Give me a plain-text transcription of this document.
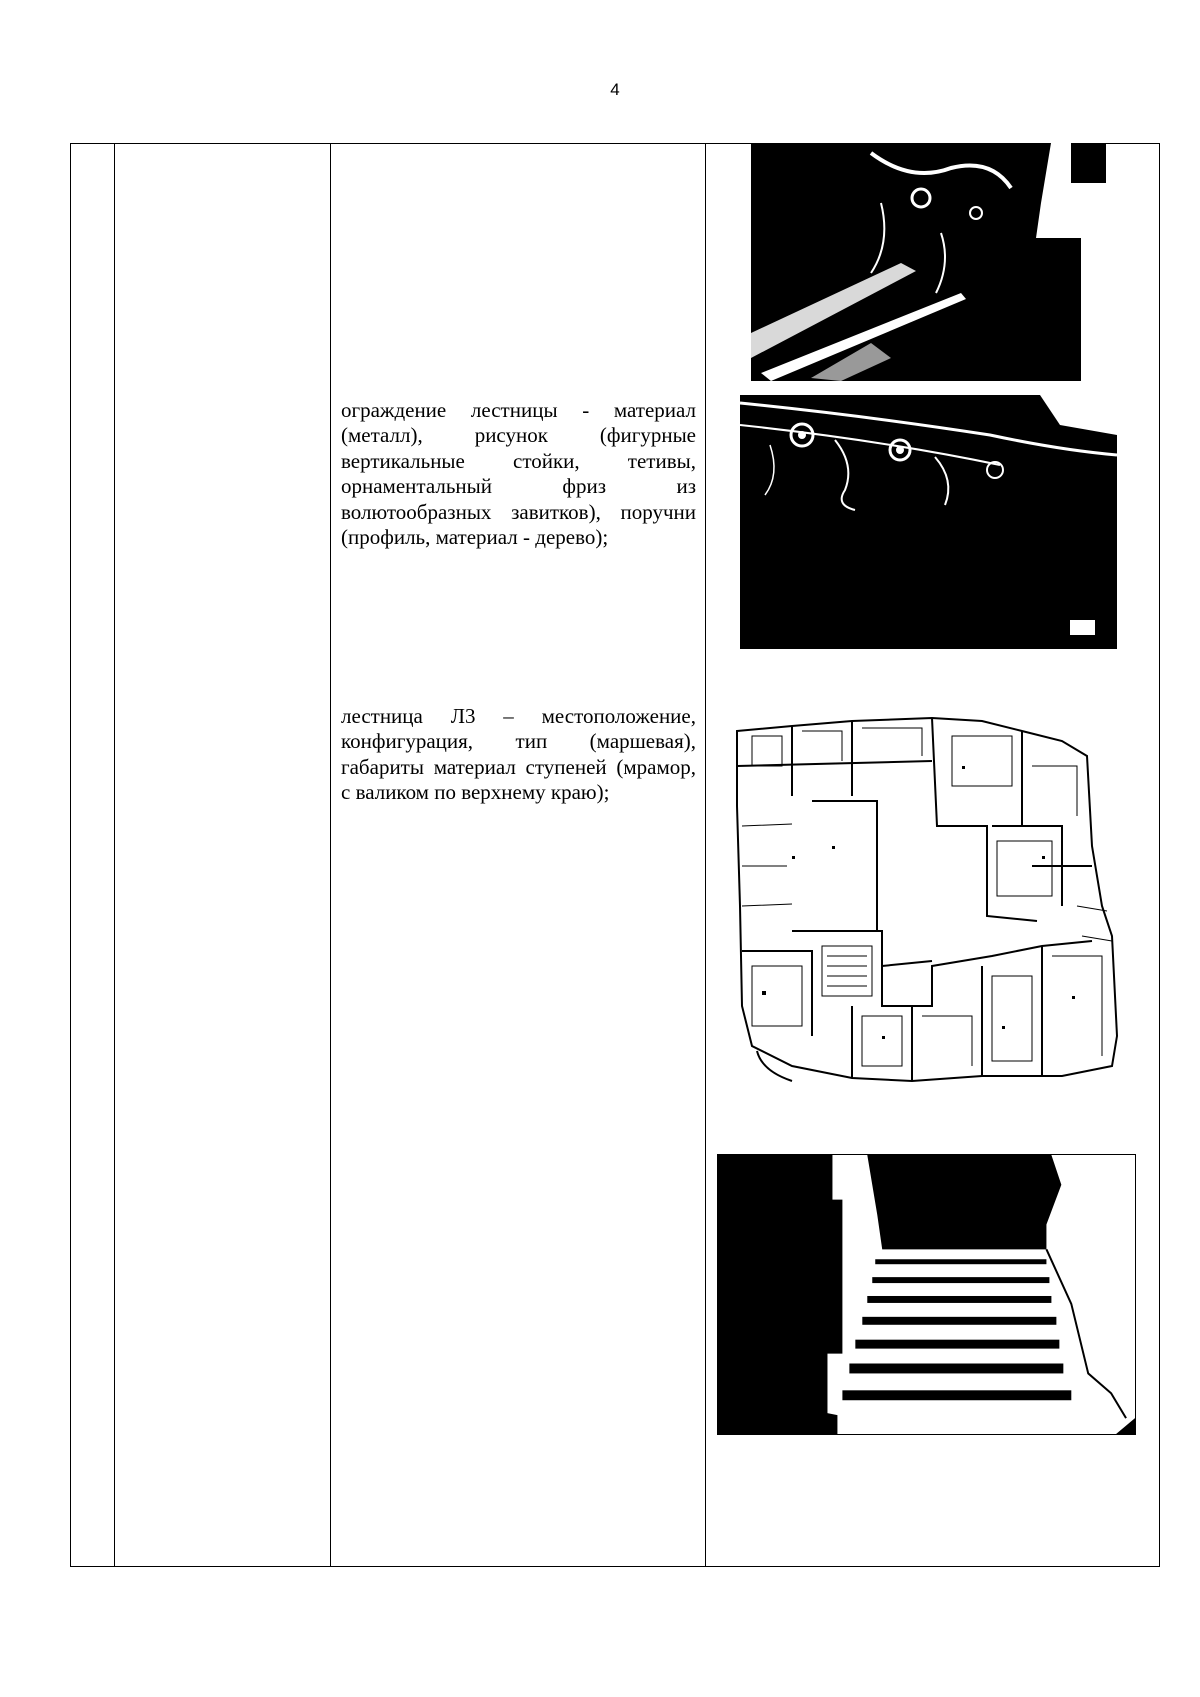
4

ограждение лестницы - материал (металл), рисунок (фигурные вертикальные стойки, тетивы, орнаментальный фриз из волютообразных завитков), поручни (профиль, материал - дерево);

лестница Л3 – местоположение, конфигурация, тип (маршевая), габариты материал ступеней (мрамор, с валиком по верхнему краю);
